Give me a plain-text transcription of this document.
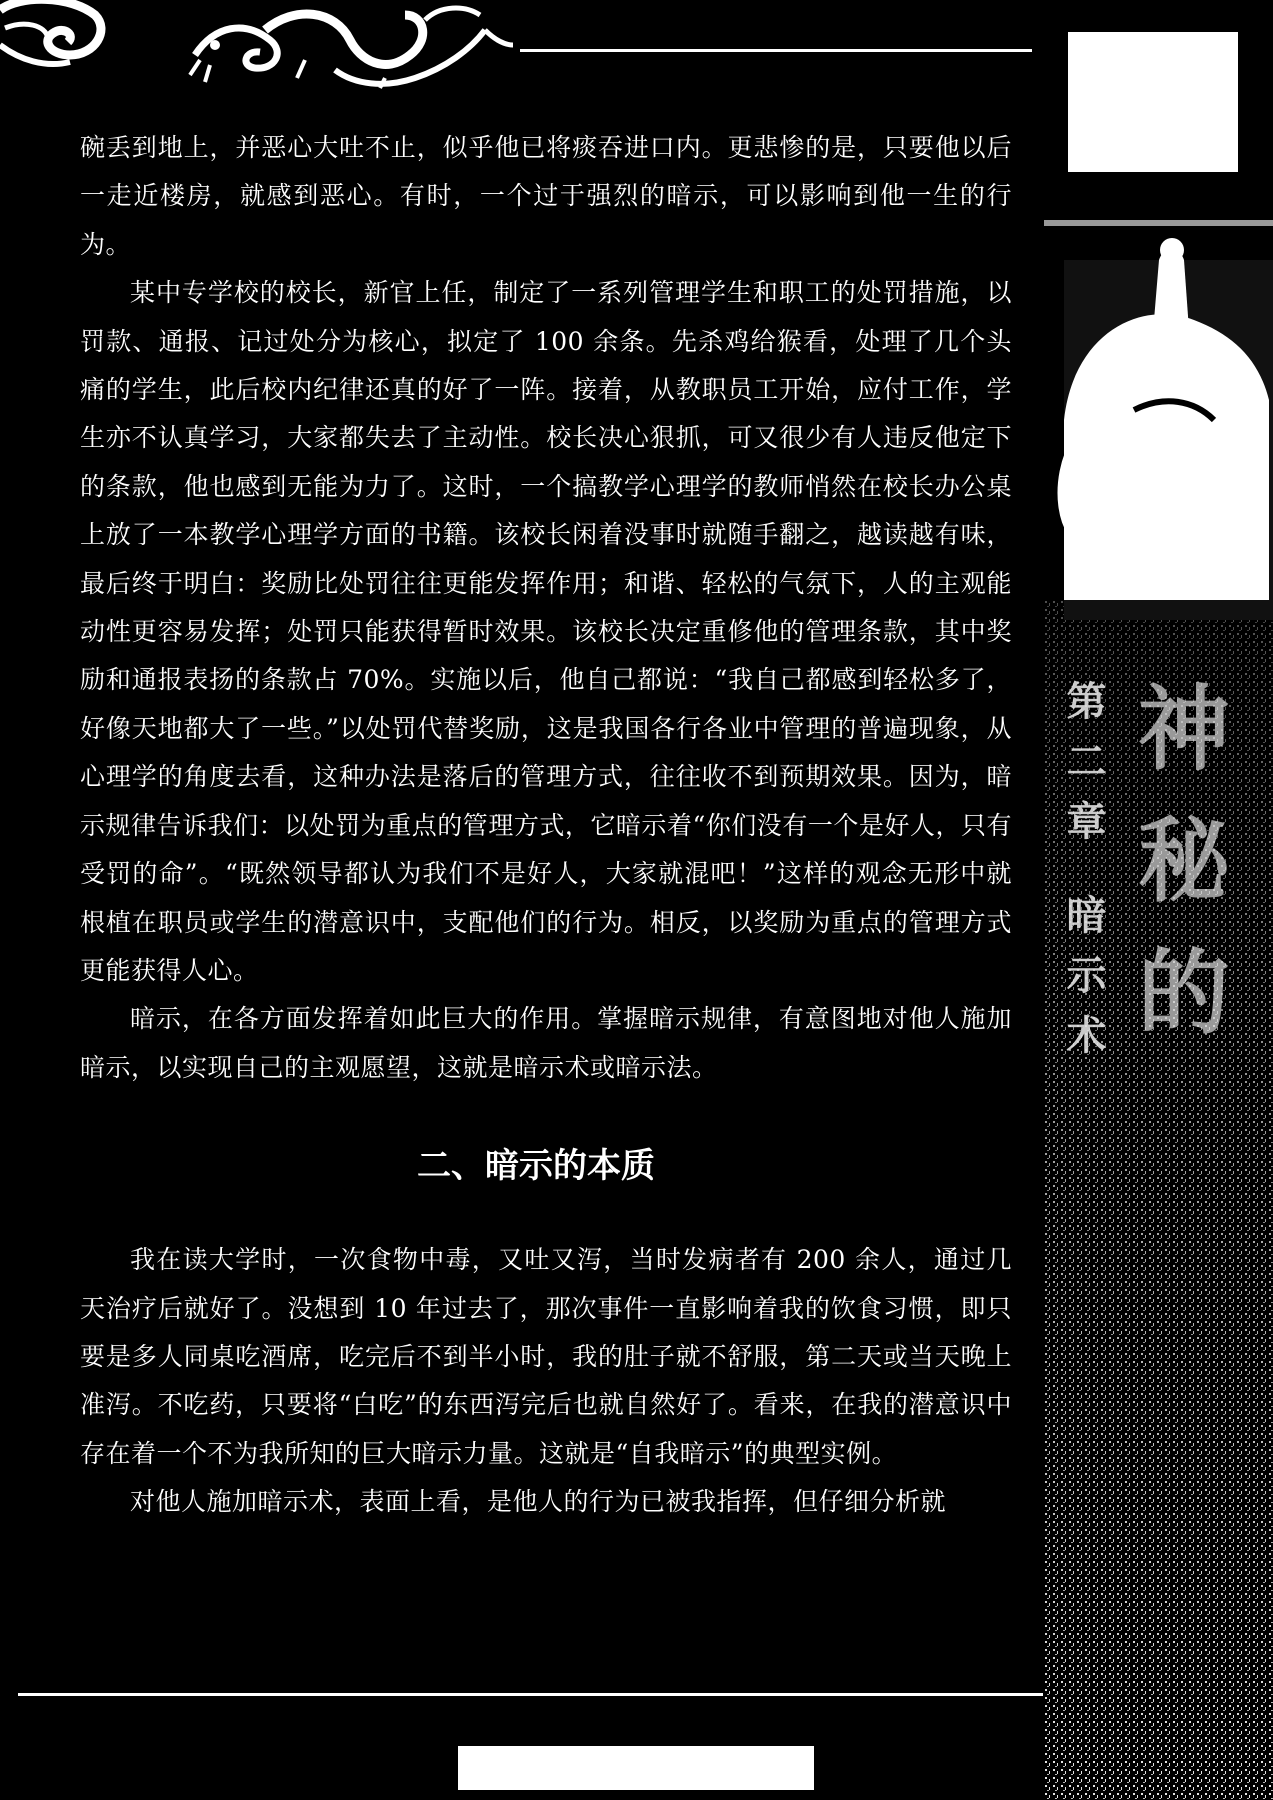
碗丢到地上，并恶心大吐不止，似乎他已将痰吞进口内。更悲惨的是，只要他以后一走近楼房，就感到恶心。有时，一个过于强烈的暗示，可以影响到他一生的行为。

某中专学校的校长，新官上任，制定了一系列管理学生和职工的处罚措施，以罚款、通报、记过处分为核心，拟定了 100 余条。先杀鸡给猴看，处理了几个头痛的学生，此后校内纪律还真的好了一阵。接着，从教职员工开始，应付工作，学生亦不认真学习，大家都失去了主动性。校长决心狠抓，可又很少有人违反他定下的条款，他也感到无能为力了。这时，一个搞教学心理学的教师悄然在校长办公桌上放了一本教学心理学方面的书籍。该校长闲着没事时就随手翻之，越读越有味，最后终于明白：奖励比处罚往往更能发挥作用；和谐、轻松的气氛下，人的主观能动性更容易发挥；处罚只能获得暂时效果。该校长决定重修他的管理条款，其中奖励和通报表扬的条款占 70%。实施以后，他自己都说：“我自己都感到轻松多了，好像天地都大了一些。”以处罚代替奖励，这是我国各行各业中管理的普遍现象，从心理学的角度去看，这种办法是落后的管理方式，往往收不到预期效果。因为，暗示规律告诉我们：以处罚为重点的管理方式，它暗示着“你们没有一个是好人，只有受罚的命”。“既然领导都认为我们不是好人，大家就混吧！”这样的观念无形中就根植在职员或学生的潜意识中，支配他们的行为。相反，以奖励为重点的管理方式更能获得人心。

暗示，在各方面发挥着如此巨大的作用。掌握暗示规律，有意图地对他人施加暗示，以实现自己的主观愿望，这就是暗示术或暗示法。

二、暗示的本质

我在读大学时，一次食物中毒，又吐又泻，当时发病者有 200 余人，通过几天治疗后就好了。没想到 10 年过去了，那次事件一直影响着我的饮食习惯，即只要是多人同桌吃酒席，吃完后不到半小时，我的肚子就不舒服，第二天或当天晚上准泻。不吃药，只要将“白吃”的东西泻完后也就自然好了。看来，在我的潜意识中存在着一个不为我所知的巨大暗示力量。这就是“自我暗示”的典型实例。

对他人施加暗示术，表面上看，是他人的行为已被我指挥，但仔细分析就

第二章 暗示术 神秘的
